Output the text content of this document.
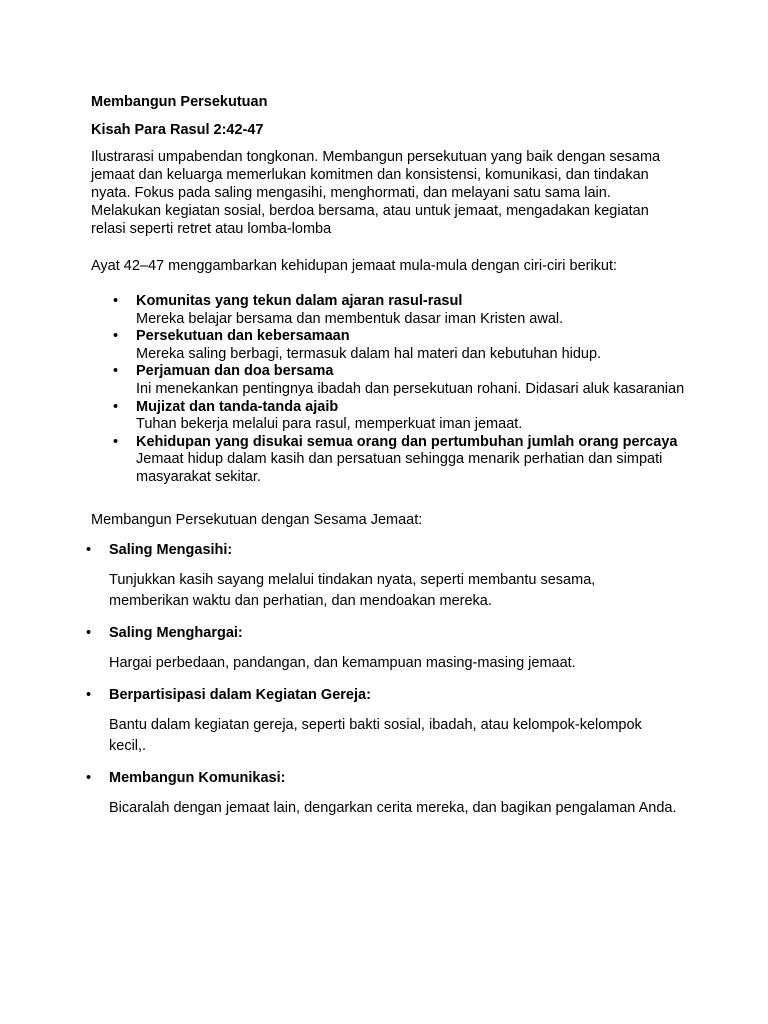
Membangun Persekutuan

Kisah Para Rasul 2:42-47

Ilustrarasi umpabendan tongkonan. Membangun persekutuan yang baik dengan sesama jemaat dan keluarga memerlukan komitmen dan konsistensi, komunikasi, dan tindakan nyata. Fokus pada saling mengasihi, menghormati, dan melayani satu sama lain. Melakukan kegiatan sosial, berdoa bersama, atau untuk jemaat, mengadakan kegiatan relasi seperti retret atau lomba-lomba

Ayat 42–47 menggambarkan kehidupan jemaat mula-mula dengan ciri-ciri berikut:

• Komunitas yang tekun dalam ajaran rasul-rasul
Mereka belajar bersama dan membentuk dasar iman Kristen awal.
• Persekutuan dan kebersamaan
Mereka saling berbagi, termasuk dalam hal materi dan kebutuhan hidup.
• Perjamuan dan doa bersama
Ini menekankan pentingnya ibadah dan persekutuan rohani. Didasari aluk kasaranian
• Mujizat dan tanda-tanda ajaib
Tuhan bekerja melalui para rasul, memperkuat iman jemaat.
• Kehidupan yang disukai semua orang dan pertumbuhan jumlah orang percaya
Jemaat hidup dalam kasih dan persatuan sehingga menarik perhatian dan simpati masyarakat sekitar.

Membangun Persekutuan dengan Sesama Jemaat:

• Saling Mengasihi:
Tunjukkan kasih sayang melalui tindakan nyata, seperti membantu sesama, memberikan waktu dan perhatian, dan mendoakan mereka.
• Saling Menghargai:
Hargai perbedaan, pandangan, dan kemampuan masing-masing jemaat.
• Berpartisipasi dalam Kegiatan Gereja:
Bantu dalam kegiatan gereja, seperti bakti sosial, ibadah, atau kelompok-kelompok kecil,.
• Membangun Komunikasi:
Bicaralah dengan jemaat lain, dengarkan cerita mereka, dan bagikan pengalaman Anda.
